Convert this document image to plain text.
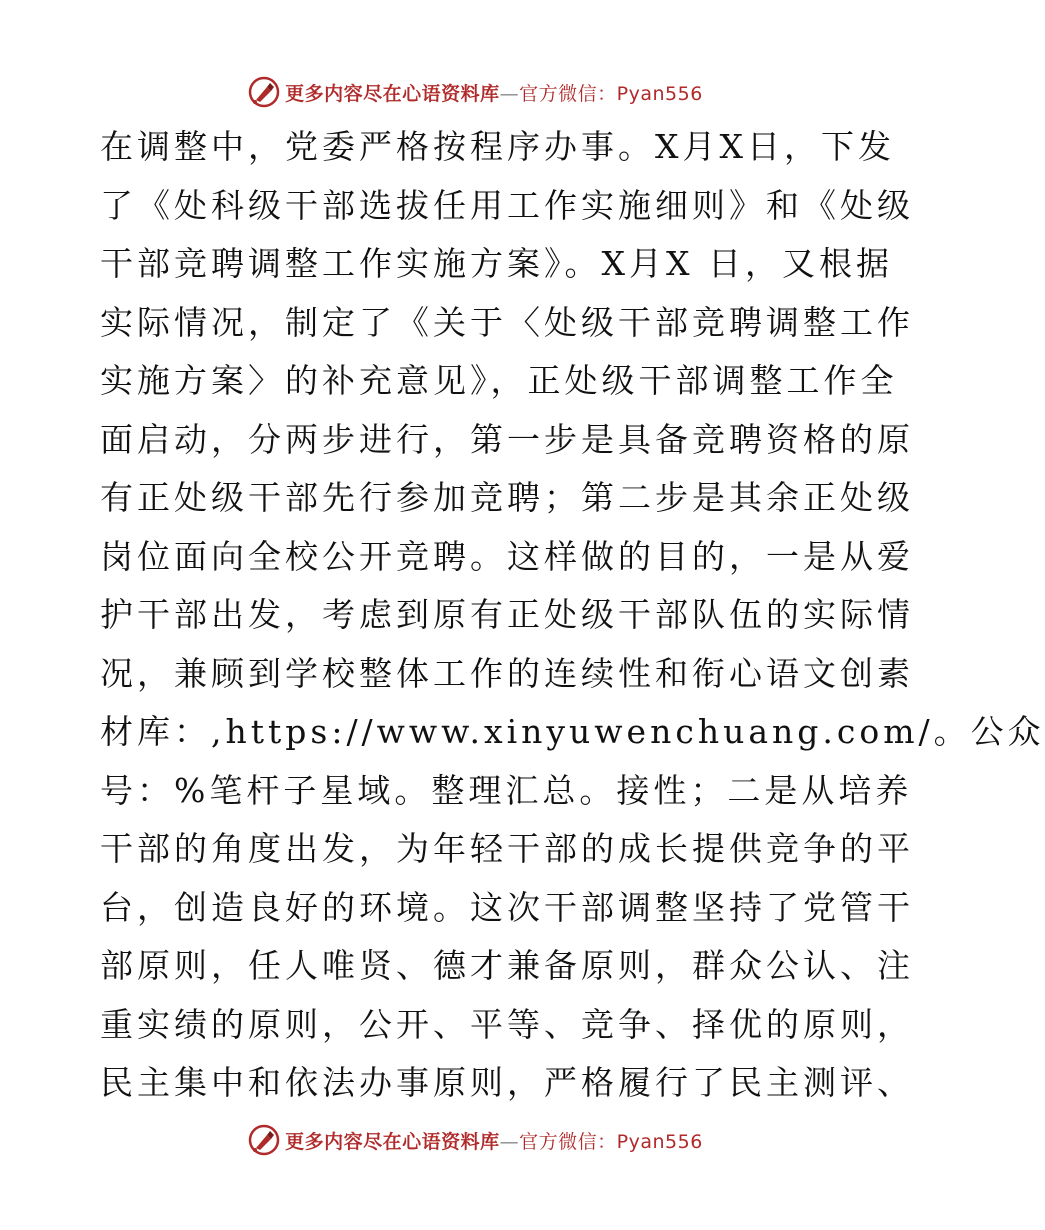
更多内容尽在心语资料库—官方微信：Pyan556
在调整中，党委严格按程序办事。X月X日，下发
了《处科级干部选拔任用工作实施细则》和《处级
干部竞聘调整工作实施方案》。X月X 日，又根据
实际情况，制定了《关于〈处级干部竞聘调整工作
实施方案〉的补充意见》，正处级干部调整工作全
面启动，分两步进行，第一步是具备竞聘资格的原
有正处级干部先行参加竞聘；第二步是其余正处级
岗位面向全校公开竞聘。这样做的目的，一是从爱
护干部出发，考虑到原有正处级干部队伍的实际情
况，兼顾到学校整体工作的连续性和衔心语文创素
材库：,https://www.xinyuwenchuang.com/。公众
号：%笔杆子星域。整理汇总。接性；二是从培养
干部的角度出发，为年轻干部的成长提供竞争的平
台，创造良好的环境。这次干部调整坚持了党管干
部原则，任人唯贤、德才兼备原则，群众公认、注
重实绩的原则，公开、平等、竞争、择优的原则，
民主集中和依法办事原则，严格履行了民主测评、
更多内容尽在心语资料库—官方微信：Pyan556
